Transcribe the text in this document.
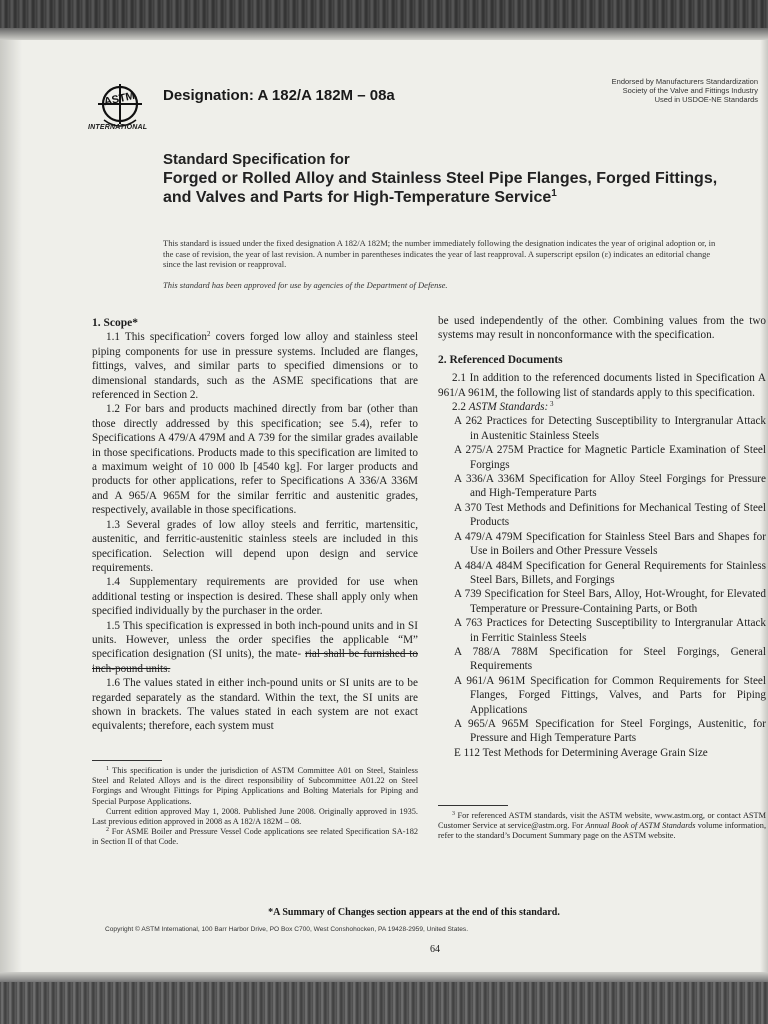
ASTM
INTERNATIONAL
Designation: A 182/A 182M – 08a
Endorsed by Manufacturers Standardization
Society of the Valve and Fittings Industry
Used in USDOE-NE Standards
Standard Specification for
Forged or Rolled Alloy and Stainless Steel Pipe Flanges, Forged Fittings, and Valves and Parts for High-Temperature Service$^1$
This standard is issued under the fixed designation A 182/A 182M; the number immediately following the designation indicates the year of original adoption or, in the case of revision, the year of last revision. A number in parentheses indicates the year of last reapproval. A superscript epsilon (ε) indicates an editorial change since the last revision or reapproval.
This standard has been approved for use by agencies of the Department of Defense.

1. Scope*

1.1 This specification$^2$ covers forged low alloy and stainless steel piping components for use in pressure systems. Included are flanges, fittings, valves, and similar parts to specified dimensions or to dimensional standards, such as the ASME specifications that are referenced in Section 2.

1.2 For bars and products machined directly from bar (other than those directly addressed by this specification; see 5.4), refer to Specifications A 479/A 479M and A 739 for the similar grades available in those specifications. Products made to this specification are limited to a maximum weight of 10 000 lb [4540 kg]. For larger products and products for other applications, refer to Specifications A 336/A 336M and A 965/A 965M for the similar ferritic and austenitic grades, respectively, available in those specifications.

1.3 Several grades of low alloy steels and ferritic, martensitic, austenitic, and ferritic-austenitic stainless steels are included in this specification. Selection will depend upon design and service requirements.

1.4 Supplementary requirements are provided for use when additional testing or inspection is desired. These shall apply only when specified individually by the purchaser in the order.

1.5 This specification is expressed in both inch-pound units and in SI units. However, unless the order specifies the applicable “M” specification designation (SI units), the mate- rial shall be furnished to inch-pound units.

1.6 The values stated in either inch-pound units or SI units are to be regarded separately as the standard. Within the text, the SI units are shown in brackets. The values stated in each system are not exact equivalents; therefore, each system must

be used independently of the other. Combining values from the two systems may result in nonconformance with the specification.

2. Referenced Documents

2.1 In addition to the referenced documents listed in Specification A 961/A 961M, the following list of standards apply to this specification.

2.2 ASTM Standards: $^3$

A 262 Practices for Detecting Susceptibility to Intergranular Attack in Austenitic Stainless Steels
A 275/A 275M Practice for Magnetic Particle Examination of Steel Forgings
A 336/A 336M Specification for Alloy Steel Forgings for Pressure and High-Temperature Parts
A 370 Test Methods and Definitions for Mechanical Testing of Steel Products
A 479/A 479M Specification for Stainless Steel Bars and Shapes for Use in Boilers and Other Pressure Vessels
A 484/A 484M Specification for General Requirements for Stainless Steel Bars, Billets, and Forgings
A 739 Specification for Steel Bars, Alloy, Hot-Wrought, for Elevated Temperature or Pressure-Containing Parts, or Both
A 763 Practices for Detecting Susceptibility to Intergranular Attack in Ferritic Stainless Steels
A 788/A 788M Specification for Steel Forgings, General Requirements
A 961/A 961M Specification for Common Requirements for Steel Flanges, Forged Fittings, Valves, and Parts for Piping Applications
A 965/A 965M Specification for Steel Forgings, Austenitic, for Pressure and High Temperature Parts
E 112 Test Methods for Determining Average Grain Size

$^1$ This specification is under the jurisdiction of ASTM Committee A01 on Steel, Stainless Steel and Related Alloys and is the direct responsibility of Subcommittee A01.22 on Steel Forgings and Wrought Fittings for Piping Applications and Bolting Materials for Piping and Special Purpose Applications.

Current edition approved May 1, 2008. Published June 2008. Originally approved in 1935. Last previous edition approved in 2008 as A 182/A 182M – 08.

$^2$ For ASME Boiler and Pressure Vessel Code applications see related Specification SA-182 in Section II of that Code.

$^3$ For referenced ASTM standards, visit the ASTM website, www.astm.org, or contact ASTM Customer Service at service@astm.org. For Annual Book of ASTM Standards volume information, refer to the standard’s Document Summary page on the ASTM website.

*A Summary of Changes section appears at the end of this standard.
Copyright © ASTM International, 100 Barr Harbor Drive, PO Box C700, West Conshohocken, PA 19428-2959, United States.
64
